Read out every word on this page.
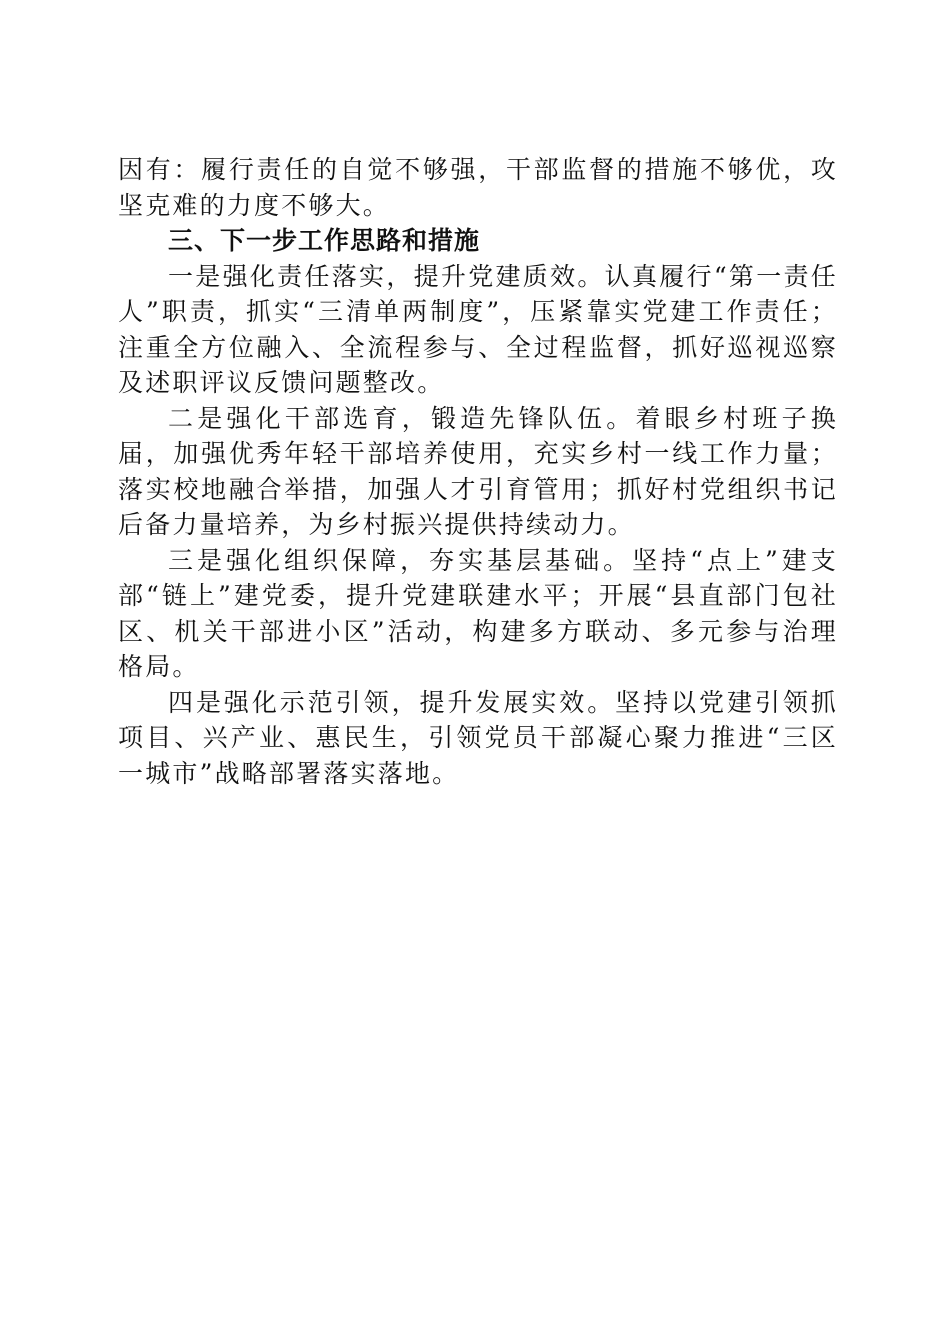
因有：履行责任的自觉不够强，干部监督的措施不够优，攻坚克难的力度不够大。

三、下一步工作思路和措施

一是强化责任落实，提升党建质效。认真履行“第一责任人”职责，抓实“三清单两制度”，压紧靠实党建工作责任；注重全方位融入、全流程参与、全过程监督，抓好巡视巡察及述职评议反馈问题整改。

二是强化干部选育，锻造先锋队伍。着眼乡村班子换届，加强优秀年轻干部培养使用，充实乡村一线工作力量；落实校地融合举措，加强人才引育管用；抓好村党组织书记后备力量培养，为乡村振兴提供持续动力。

三是强化组织保障，夯实基层基础。坚持“点上”建支部“链上”建党委，提升党建联建水平；开展“县直部门包社区、机关干部进小区”活动，构建多方联动、多元参与治理格局。

四是强化示范引领，提升发展实效。坚持以党建引领抓项目、兴产业、惠民生，引领党员干部凝心聚力推进“三区一城市”战略部署落实落地。
